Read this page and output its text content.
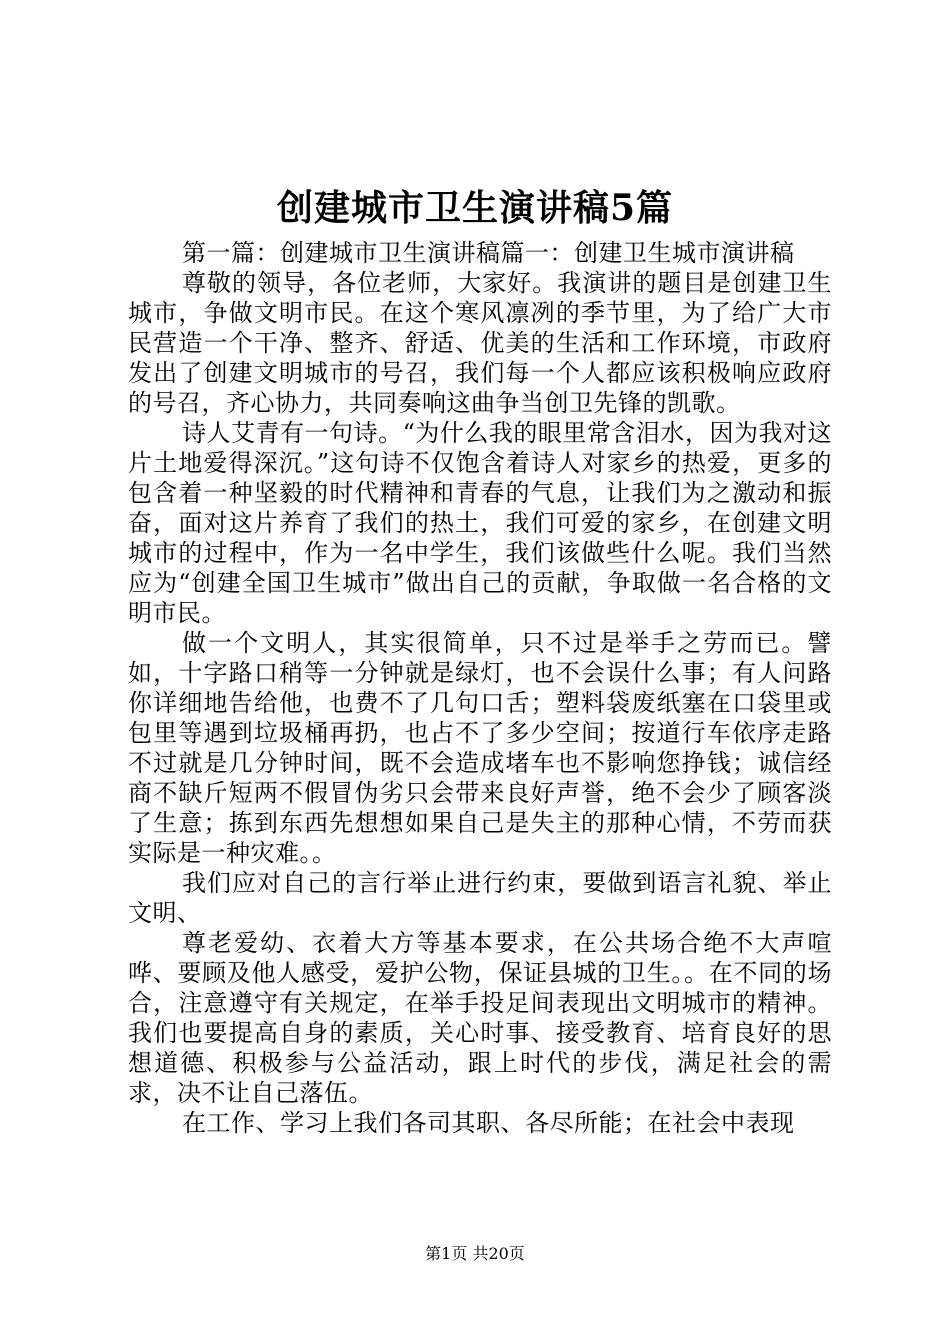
创建城市卫生演讲稿5篇

第一篇：创建城市卫生演讲稿篇一：创建卫生城市演讲稿

尊敬的领导，各位老师，大家好。我演讲的题目是创建卫生城市，争做文明市民。在这个寒风凛冽的季节里，为了给广大市民营造一个干净、整齐、舒适、优美的生活和工作环境，市政府发出了创建文明城市的号召，我们每一个人都应该积极响应政府的号召，齐心协力，共同奏响这曲争当创卫先锋的凯歌。

诗人艾青有一句诗。“为什么我的眼里常含泪水，因为我对这片土地爱得深沉。”这句诗不仅饱含着诗人对家乡的热爱，更多的包含着一种坚毅的时代精神和青春的气息，让我们为之激动和振奋，面对这片养育了我们的热土，我们可爱的家乡，在创建文明城市的过程中，作为一名中学生，我们该做些什么呢。我们当然应为“创建全国卫生城市”做出自己的贡献，争取做一名合格的文明市民。

做一个文明人，其实很简单，只不过是举手之劳而已。譬如，十字路口稍等一分钟就是绿灯，也不会误什么事；有人问路你详细地告给他，也费不了几句口舌；塑料袋废纸塞在口袋里或包里等遇到垃圾桶再扔，也占不了多少空间；按道行车依序走路不过就是几分钟时间，既不会造成堵车也不影响您挣钱；诚信经商不缺斤短两不假冒伪劣只会带来良好声誉，绝不会少了顾客淡了生意；拣到东西先想想如果自己是失主的那种心情，不劳而获实际是一种灾难。。

我们应对自己的言行举止进行约束，要做到语言礼貌、举止文明、

尊老爱幼、衣着大方等基本要求，在公共场合绝不大声喧哗、要顾及他人感受，爱护公物，保证县城的卫生。。在不同的场合，注意遵守有关规定，在举手投足间表现出文明城市的精神。我们也要提高自身的素质，关心时事、接受教育、培育良好的思想道德、积极参与公益活动，跟上时代的步伐，满足社会的需求，决不让自己落伍。

在工作、学习上我们各司其职、各尽所能；在社会中表现

第1页 共20页
